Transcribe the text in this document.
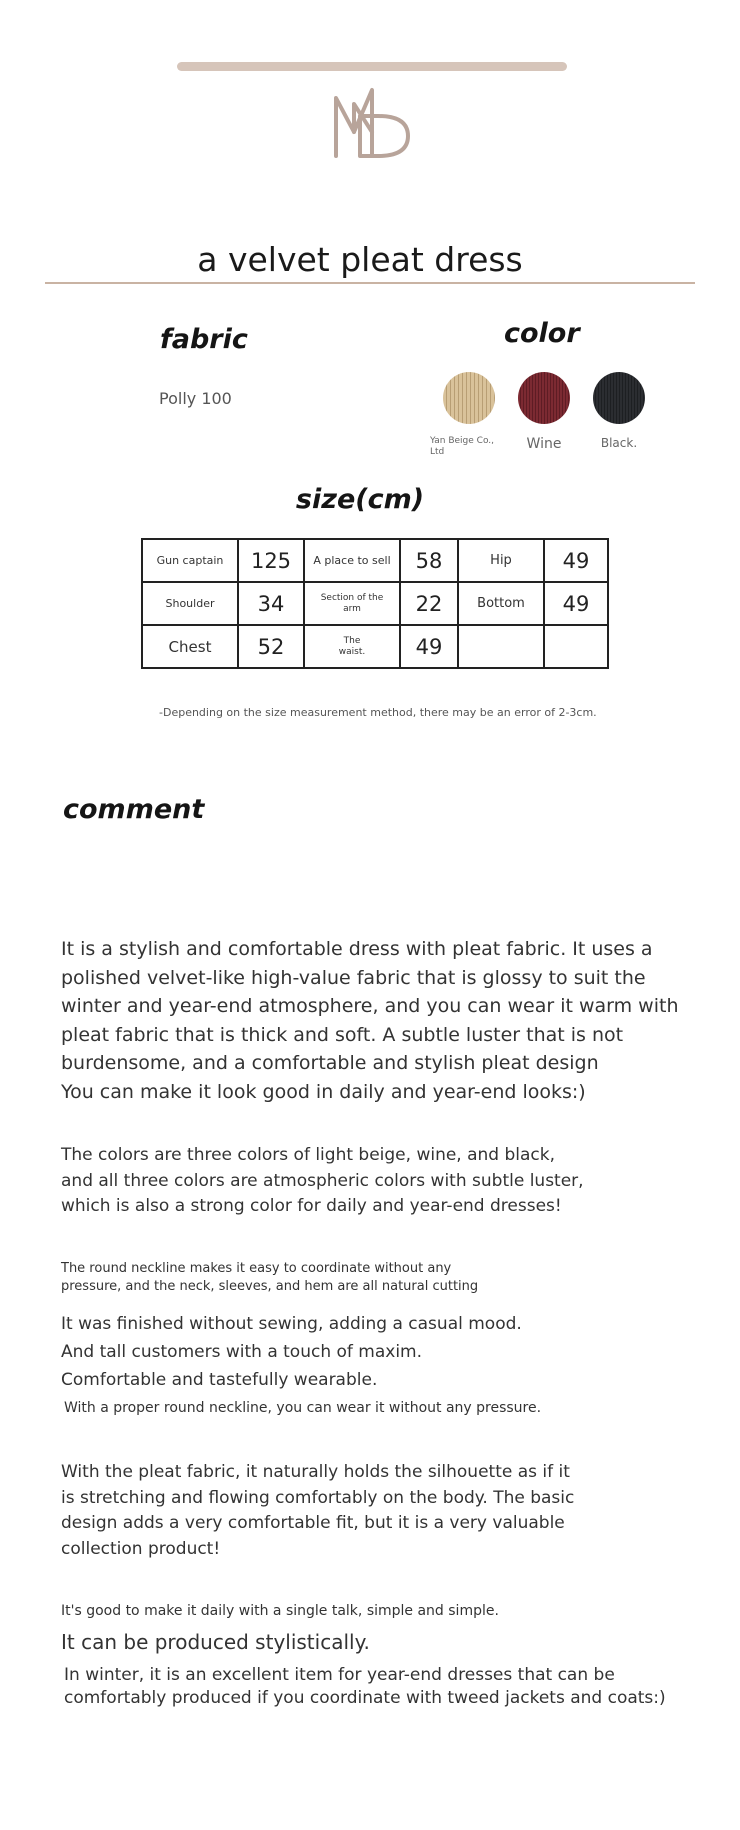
a velvet pleat dress
fabric
Polly 100
color
Yan Beige Co., Ltd
Wine	Black.
size(cm)
Gun captain	125	A place to sell	58	Hip	49
Shoulder	34	Section of the arm	22	Bottom	49
Chest	52	The waist.	49		
-Depending on the size measurement method, there may be an error of 2-3cm.
comment
It is a stylish and comfortable dress with pleat fabric. It uses a
polished velvet-like high-value fabric that is glossy to suit the
winter and year-end atmosphere, and you can wear it warm with
pleat fabric that is thick and soft. A subtle luster that is not
burdensome, and a comfortable and stylish pleat design
You can make it look good in daily and year-end looks:)
The colors are three colors of light beige, wine, and black,
and all three colors are atmospheric colors with subtle luster,
which is also a strong color for daily and year-end dresses!
The round neckline makes it easy to coordinate without any
pressure, and the neck, sleeves, and hem are all natural cutting
It was finished without sewing, adding a casual mood.
And tall customers with a touch of maxim.
Comfortable and tastefully wearable.
With a proper round neckline, you can wear it without any pressure.
With the pleat fabric, it naturally holds the silhouette as if it
is stretching and flowing comfortably on the body. The basic
design adds a very comfortable fit, but it is a very valuable
collection product!
It's good to make it daily with a single talk, simple and simple.
It can be produced stylistically.
In winter, it is an excellent item for year-end dresses that can be
comfortably produced if you coordinate with tweed jackets and coats:)
